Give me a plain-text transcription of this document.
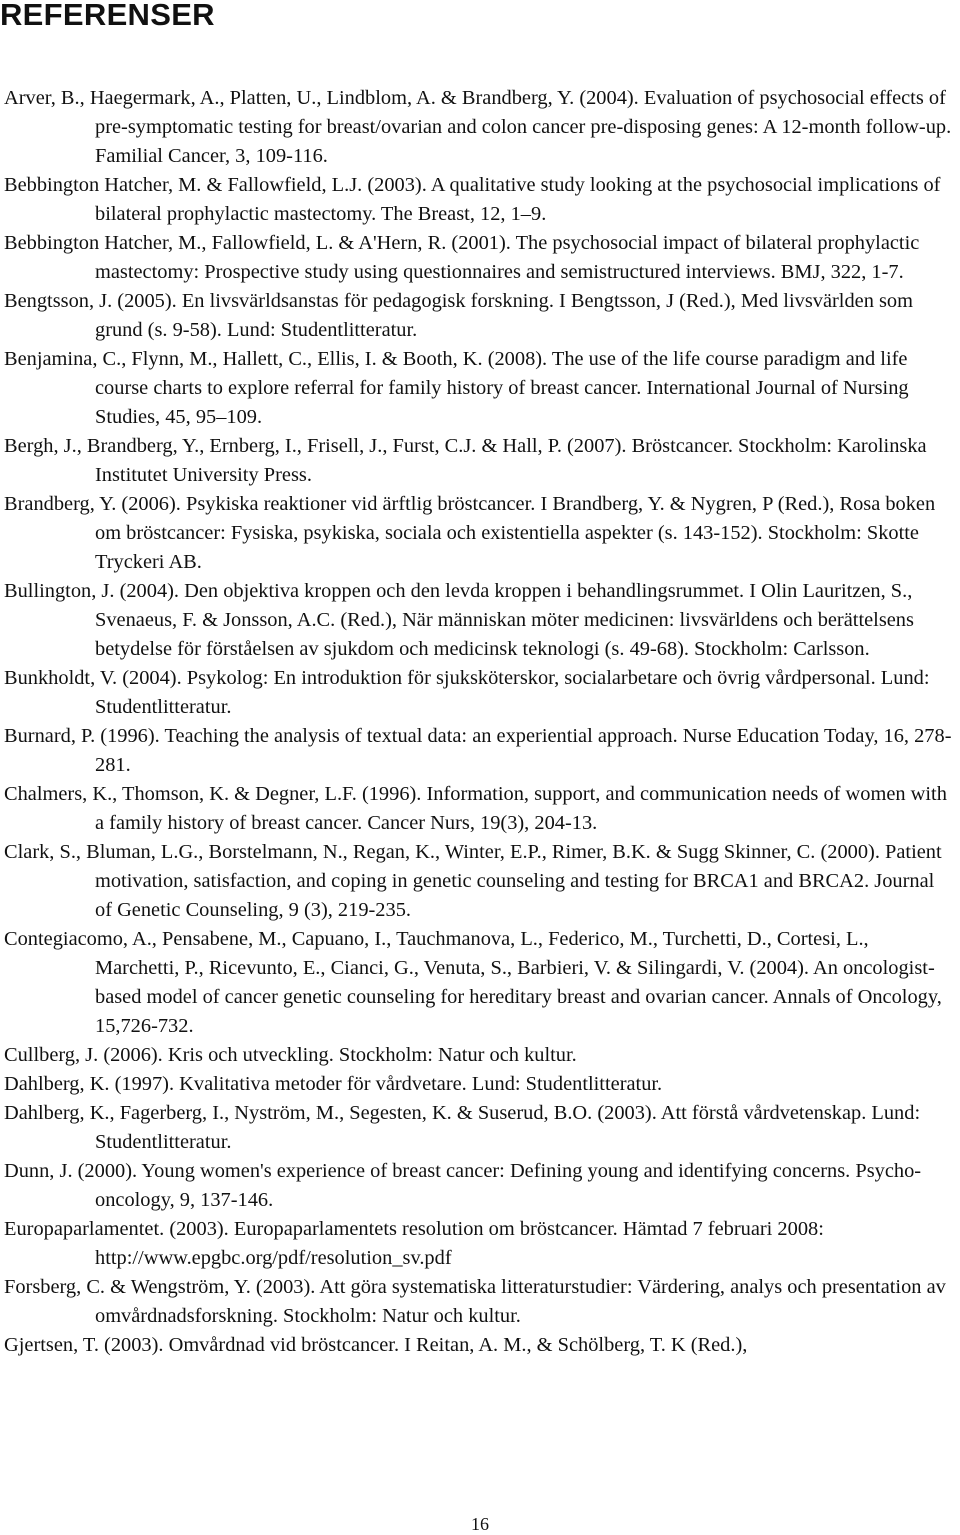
REFERENSER
Arver, B., Haegermark, A., Platten, U., Lindblom, A. & Brandberg, Y. (2004). Evaluation of psychosocial effects of pre-symptomatic testing for breast/ovarian and colon cancer pre-disposing genes: A 12-month follow-up. Familial Cancer, 3, 109-116.
Bebbington Hatcher, M. & Fallowfield, L.J. (2003). A qualitative study looking at the psychosocial implications of bilateral prophylactic mastectomy. The Breast, 12, 1–9.
Bebbington Hatcher, M., Fallowfield, L. & A'Hern, R. (2001). The psychosocial impact of bilateral prophylactic mastectomy: Prospective study using questionnaires and semistructured interviews. BMJ, 322, 1-7.
Bengtsson, J. (2005). En livsvärldsanstas för pedagogisk forskning. I Bengtsson, J (Red.), Med livsvärlden som grund (s. 9-58). Lund: Studentlitteratur.
Benjamina, C., Flynn, M., Hallett, C., Ellis, I. & Booth, K. (2008). The use of the life course paradigm and life course charts to explore referral for family history of breast cancer. International Journal of Nursing Studies, 45, 95–109.
Bergh, J., Brandberg, Y., Ernberg, I., Frisell, J., Furst, C.J. & Hall, P. (2007). Bröstcancer. Stockholm: Karolinska Institutet University Press.
Brandberg, Y. (2006). Psykiska reaktioner vid ärftlig bröstcancer. I Brandberg, Y. & Nygren, P (Red.), Rosa boken om bröstcancer: Fysiska, psykiska, sociala och existentiella aspekter (s. 143-152). Stockholm: Skotte Tryckeri AB.
Bullington, J. (2004). Den objektiva kroppen och den levda kroppen i behandlingsrummet. I Olin Lauritzen, S., Svenaeus, F. & Jonsson, A.C. (Red.), När människan möter medicinen: livsvärldens och berättelsens betydelse för förståelsen av sjukdom och medicinsk teknologi (s. 49-68). Stockholm: Carlsson.
Bunkholdt, V. (2004). Psykolog: En introduktion för sjuksköterskor, socialarbetare och övrig vårdpersonal. Lund: Studentlitteratur.
Burnard, P. (1996). Teaching the analysis of textual data: an experiential approach. Nurse Education Today, 16, 278-281.
Chalmers, K., Thomson, K. & Degner, L.F. (1996). Information, support, and communication needs of women with a family history of breast cancer. Cancer Nurs, 19(3), 204-13.
Clark, S., Bluman, L.G., Borstelmann, N., Regan, K., Winter, E.P., Rimer, B.K. & Sugg Skinner, C. (2000). Patient motivation, satisfaction, and coping in genetic counseling and testing for BRCA1 and BRCA2. Journal of Genetic Counseling, 9 (3), 219-235.
Contegiacomo, A., Pensabene, M., Capuano, I., Tauchmanova, L., Federico, M., Turchetti, D., Cortesi, L., Marchetti, P., Ricevunto, E., Cianci, G., Venuta, S., Barbieri, V. & Silingardi, V. (2004). An oncologist-based model of cancer genetic counseling for hereditary breast and ovarian cancer. Annals of Oncology, 15,726-732.
Cullberg, J. (2006). Kris och utveckling. Stockholm: Natur och kultur.
Dahlberg, K. (1997). Kvalitativa metoder för vårdvetare. Lund: Studentlitteratur.
Dahlberg, K., Fagerberg, I., Nyström, M., Segesten, K. & Suserud, B.O. (2003). Att förstå vårdvetenskap. Lund: Studentlitteratur.
Dunn, J. (2000). Young women's experience of breast cancer: Defining young and identifying concerns. Psycho-oncology, 9, 137-146.
Europaparlamentet. (2003). Europaparlamentets resolution om bröstcancer. Hämtad 7 februari 2008: http://www.epgbc.org/pdf/resolution_sv.pdf
Forsberg, C. & Wengström, Y. (2003). Att göra systematiska litteraturstudier: Värdering, analys och presentation av omvårdnadsforskning. Stockholm: Natur och kultur.
Gjertsen, T. (2003). Omvårdnad vid bröstcancer. I Reitan, A. M., & Schölberg, T. K (Red.),
16
